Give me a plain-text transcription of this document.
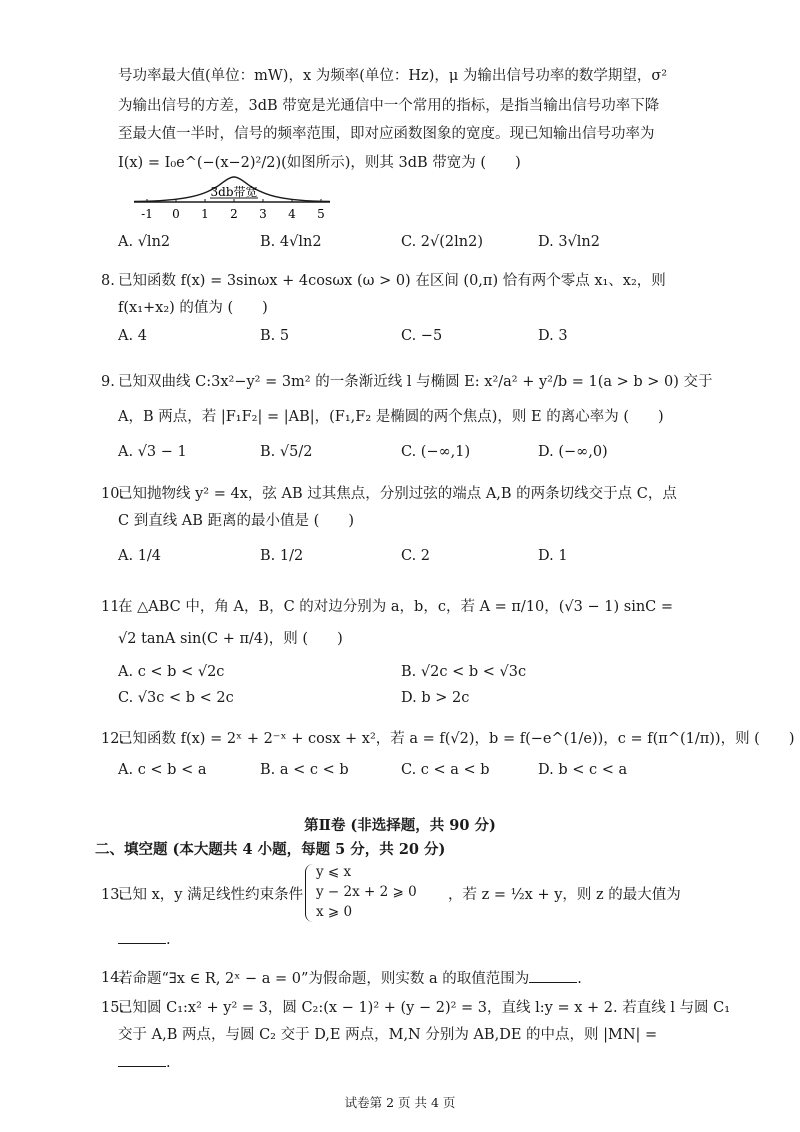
号功率最大值(单位：mW)，x 为频率(单位：Hz)，μ 为输出信号功率的数学期望，σ²
为输出信号的方差，3dB 带宽是光通信中一个常用的指标，是指当输出信号功率下降
至最大值一半时，信号的频率范围，即对应函数图象的宽度。现已知输出信号功率为
I(x) = I₀e^(−(x−2)²/2)(如图所示)，则其 3dB 带宽为 (　　)
3db带宽
-1 0 1 2 3 4 5
A. √ln2	B. 4√ln2	C. 2√(2ln2)	D. 3√ln2
8. 已知函数 f(x) = 3sinωx + 4cosωx (ω > 0) 在区间 (0,π) 恰有两个零点 x₁、x₂，则
f(x₁+x₂) 的值为 (　　)
A. 4	B. 5	C. −5	D. 3
9. 已知双曲线 C:3x²−y² = 3m² 的一条渐近线 l 与椭圆 E: x²/a² + y²/b = 1(a > b > 0) 交于
A，B 两点，若 |F₁F₂| = |AB|，(F₁,F₂ 是椭圆的两个焦点)，则 E 的离心率为 (　　)
A. √3 − 1	B. √5/2	C. (−∞,1)	D. (−∞,0)
10.
已知抛物线 y² = 4x，弦 AB 过其焦点，分别过弦的端点 A,B 的两条切线交于点 C，点
C 到直线 AB 距离的最小值是 (　　)
A. 1/4	B. 1/2	C. 2	D. 1
11.
在 △ABC 中，角 A，B，C 的对边分别为 a，b，c，若 A = π/10，(√3 − 1) sinC =
√2 tanA sin(C + π/4)，则 (　　)
A. c < b < √2c	B. √2c < b < √3c
C. √3c < b < 2c	D. b > 2c
12.
已知函数 f(x) = 2ˣ + 2⁻ˣ + cosx + x²，若 a = f(√2)，b = f(−e^(1/e))，c = f(π^(1/π))，则 (　　)
A. c < b < a	B. a < c < b	C. c < a < b	D. b < c < a
第Ⅱ卷 (非选择题，共 90 分)
二、填空题 (本大题共 4 小题，每题 5 分，共 20 分)
13.
已知 x，y 满足线性约束条件
y ⩽ x
y − 2x + 2 ⩾ 0
x ⩾ 0
，若 z = ½x + y，则 z 的最大值为
.
14.
若命题“∃x ∈ R, 2ˣ − a = 0”为假命题，则实数 a 的取值范围为	.
15.
已知圆 C₁:x² + y² = 3，圆 C₂:(x − 1)² + (y − 2)² = 3，直线 l:y = x + 2. 若直线 l 与圆 C₁
交于 A,B 两点，与圆 C₂ 交于 D,E 两点，M,N 分别为 AB,DE 的中点，则 |MN| =
.
试卷第 2 页 共 4 页
